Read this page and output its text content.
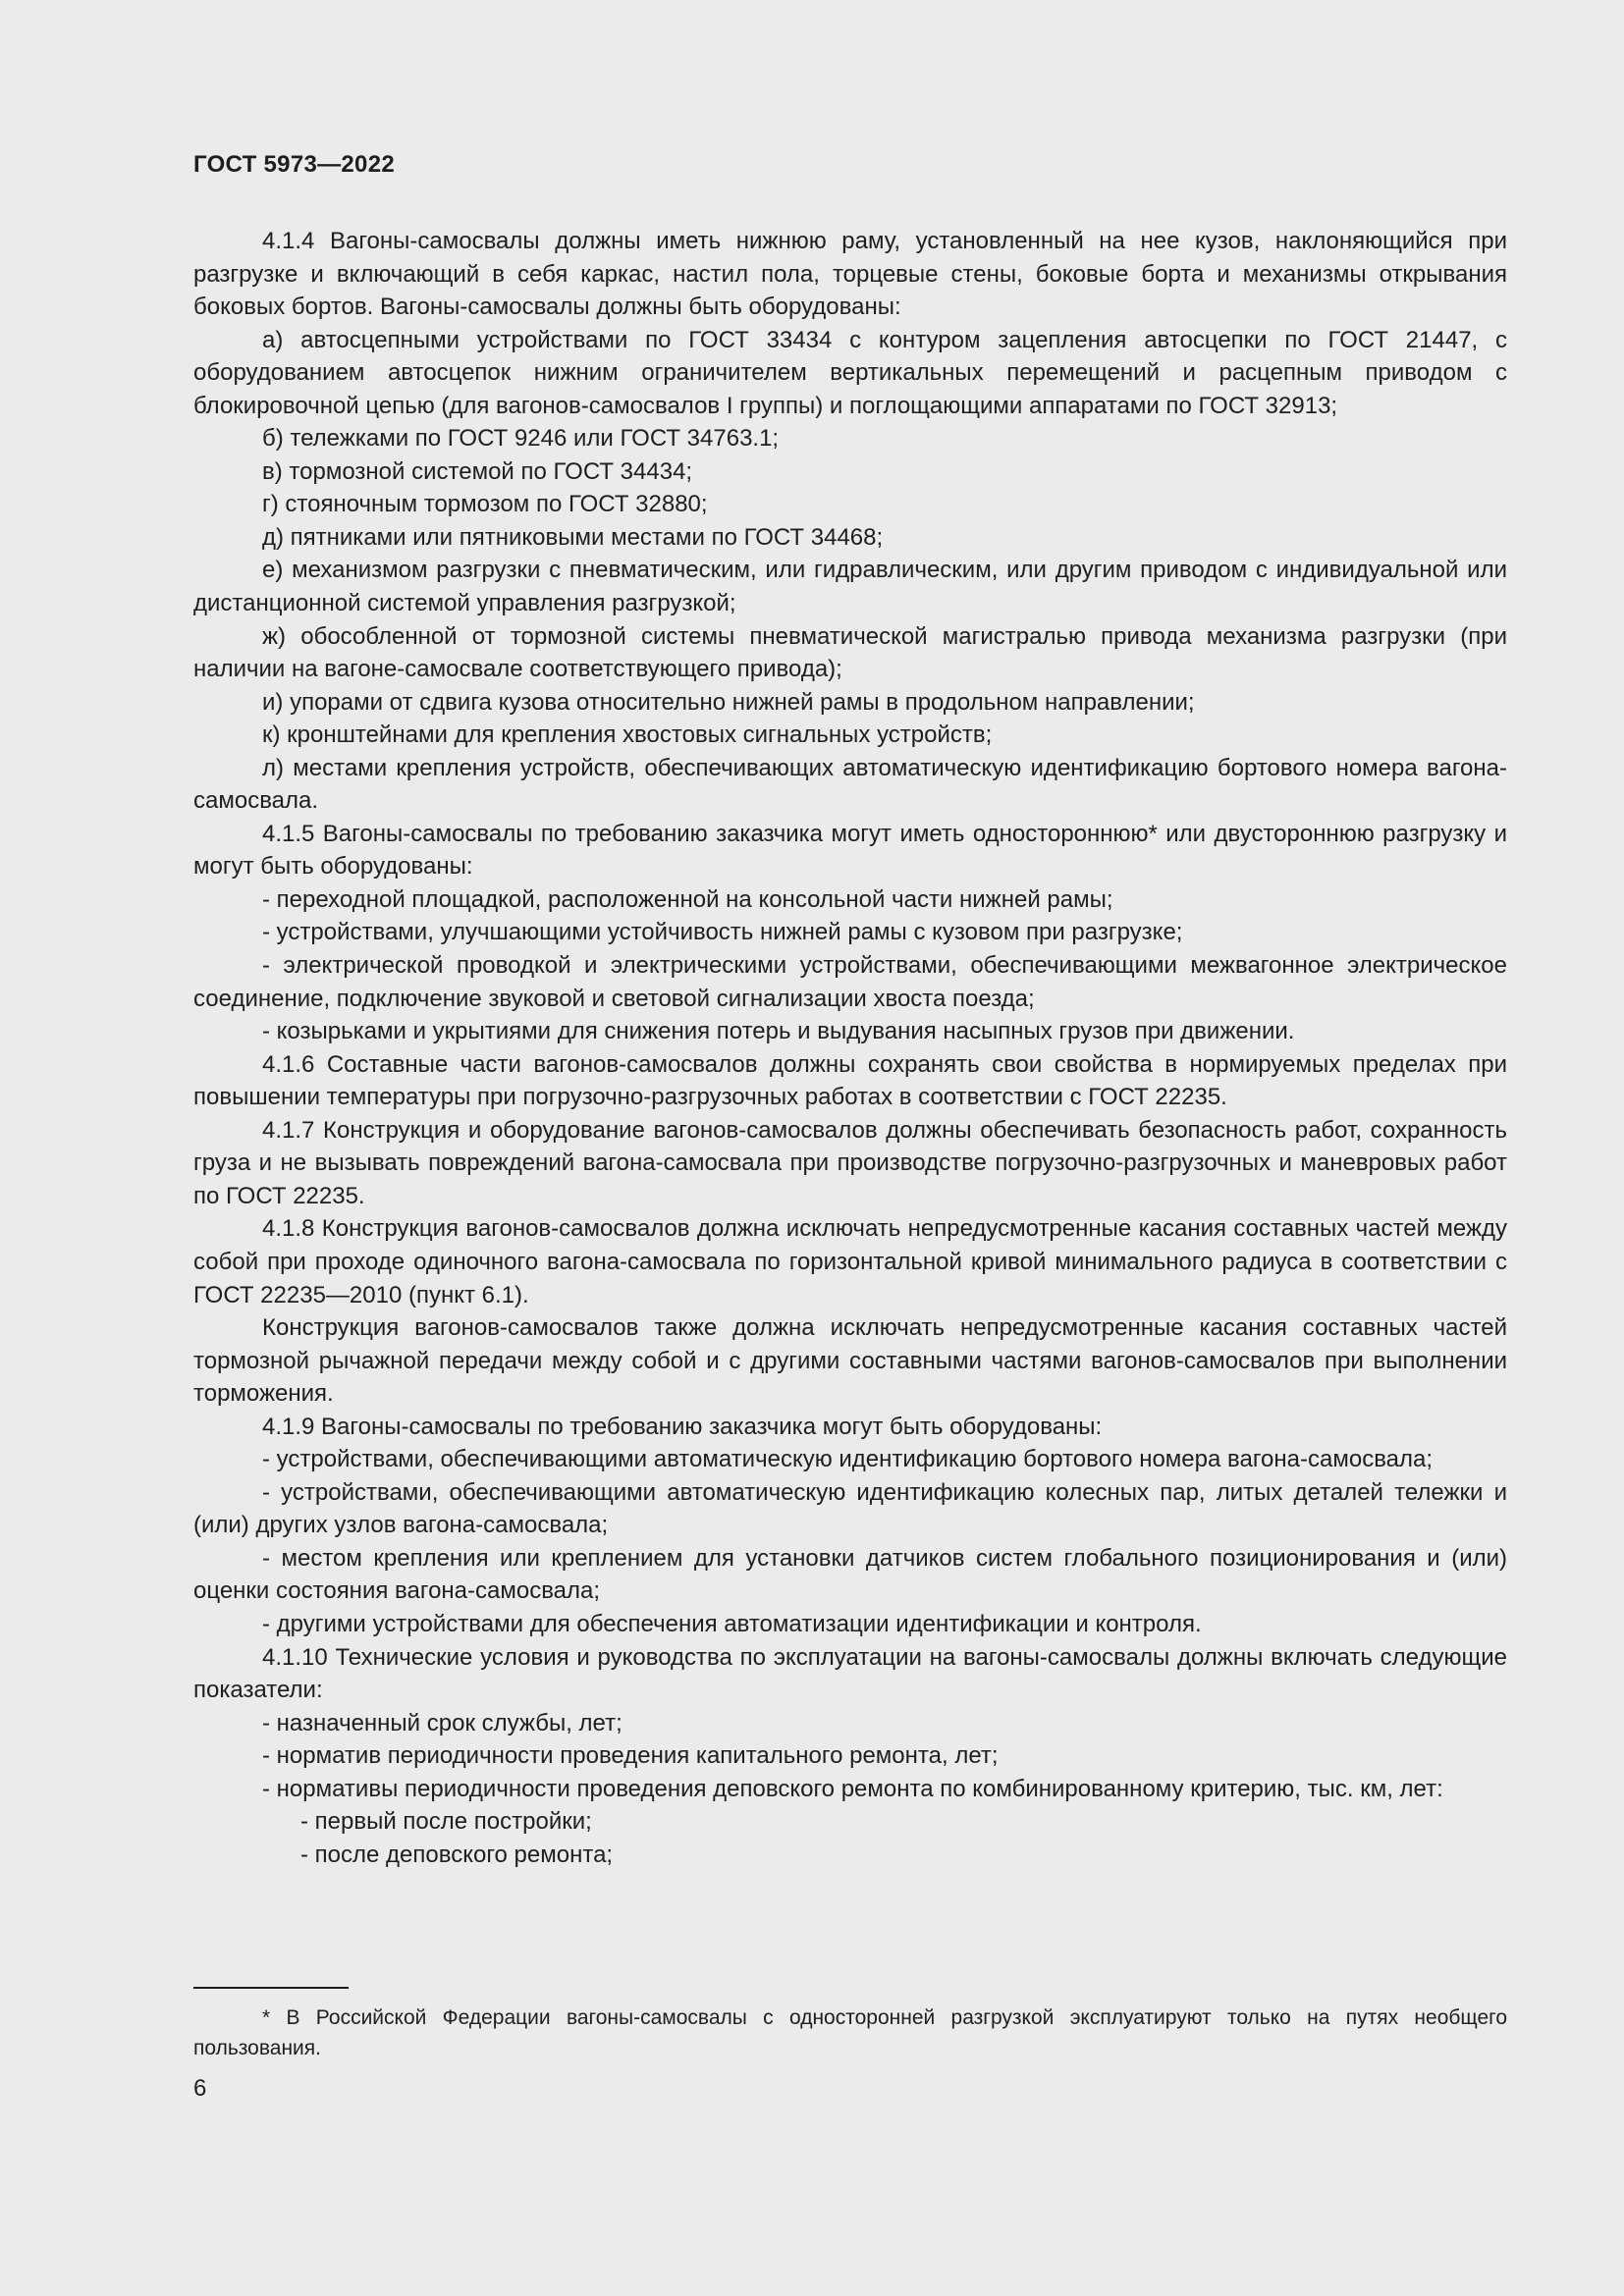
ГОСТ 5973—2022

4.1.4 Вагоны-самосвалы должны иметь нижнюю раму, установленный на нее кузов, наклоняющийся при разгрузке и включающий в себя каркас, настил пола, торцевые стены, боковые борта и механизмы открывания боковых бортов. Вагоны-самосвалы должны быть оборудованы:

а) автосцепными устройствами по ГОСТ 33434 с контуром зацепления автосцепки по ГОСТ 21447, с оборудованием автосцепок нижним ограничителем вертикальных перемещений и расцепным приводом с блокировочной цепью (для вагонов-самосвалов I группы) и поглощающими аппаратами по ГОСТ 32913;

б) тележками по ГОСТ 9246 или ГОСТ 34763.1;

в) тормозной системой по ГОСТ 34434;

г) стояночным тормозом по ГОСТ 32880;

д) пятниками или пятниковыми местами по ГОСТ 34468;

е) механизмом разгрузки с пневматическим, или гидравлическим, или другим приводом с индивидуальной или дистанционной системой управления разгрузкой;

ж) обособленной от тормозной системы пневматической магистралью привода механизма разгрузки (при наличии на вагоне-самосвале соответствующего привода);

и) упорами от сдвига кузова относительно нижней рамы в продольном направлении;

к) кронштейнами для крепления хвостовых сигнальных устройств;

л) местами крепления устройств, обеспечивающих автоматическую идентификацию бортового номера вагона-самосвала.

4.1.5 Вагоны-самосвалы по требованию заказчика могут иметь одностороннюю* или двустороннюю разгрузку и могут быть оборудованы:

- переходной площадкой, расположенной на консольной части нижней рамы;

- устройствами, улучшающими устойчивость нижней рамы с кузовом при разгрузке;

- электрической проводкой и электрическими устройствами, обеспечивающими межвагонное электрическое соединение, подключение звуковой и световой сигнализации хвоста поезда;

- козырьками и укрытиями для снижения потерь и выдувания насыпных грузов при движении.

4.1.6 Составные части вагонов-самосвалов должны сохранять свои свойства в нормируемых пределах при повышении температуры при погрузочно-разгрузочных работах в соответствии с ГОСТ 22235.

4.1.7 Конструкция и оборудование вагонов-самосвалов должны обеспечивать безопасность работ, сохранность груза и не вызывать повреждений вагона-самосвала при производстве погрузочно-разгрузочных и маневровых работ по ГОСТ 22235.

4.1.8 Конструкция вагонов-самосвалов должна исключать непредусмотренные касания составных частей между собой при проходе одиночного вагона-самосвала по горизонтальной кривой минимального радиуса в соответствии с ГОСТ 22235—2010 (пункт 6.1).

Конструкция вагонов-самосвалов также должна исключать непредусмотренные касания составных частей тормозной рычажной передачи между собой и с другими составными частями вагонов-самосвалов при выполнении торможения.

4.1.9 Вагоны-самосвалы по требованию заказчика могут быть оборудованы:

- устройствами, обеспечивающими автоматическую идентификацию бортового номера вагона-самосвала;

- устройствами, обеспечивающими автоматическую идентификацию колесных пар, литых деталей тележки и (или) других узлов вагона-самосвала;

- местом крепления или креплением для установки датчиков систем глобального позиционирования и (или) оценки состояния вагона-самосвала;

- другими устройствами для обеспечения автоматизации идентификации и контроля.

4.1.10 Технические условия и руководства по эксплуатации на вагоны-самосвалы должны включать следующие показатели:

- назначенный срок службы, лет;

- норматив периодичности проведения капитального ремонта, лет;

- нормативы периодичности проведения деповского ремонта по комбинированному критерию, тыс. км, лет:

- первый после постройки;

- после деповского ремонта;

* В Российской Федерации вагоны-самосвалы с односторонней разгрузкой эксплуатируют только на путях необщего пользования.

6
